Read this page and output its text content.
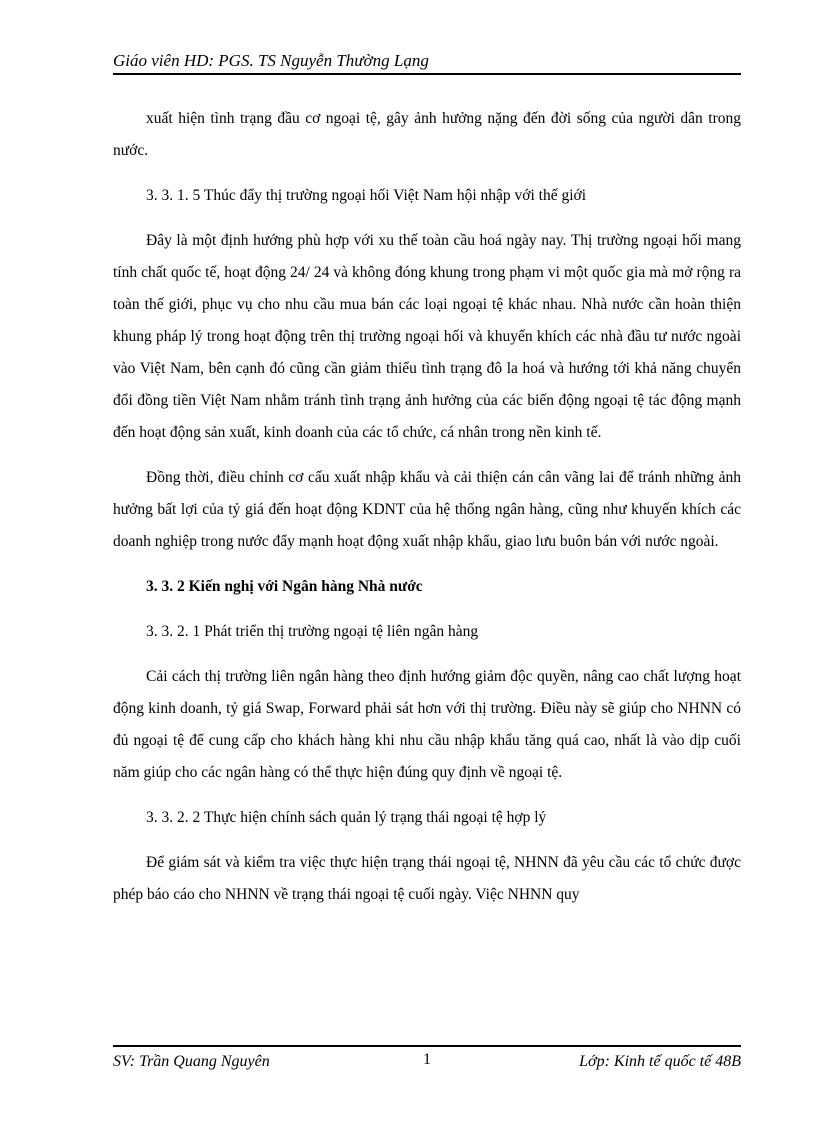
Giáo viên HD: PGS. TS Nguyễn Thường Lạng

xuất hiện tình trạng đầu cơ ngoại tệ, gây ảnh hưởng nặng đến đời sống của người dân trong nước.

3. 3. 1. 5 Thúc đẩy thị trường ngoại hối Việt Nam hội nhập với thế giới

Đây là một định hướng phù hợp với xu thế toàn cầu hoá ngày nay. Thị trường ngoại hối mang tính chất quốc tế, hoạt động 24/ 24 và không đóng khung trong phạm vi một quốc gia mà mở rộng ra toàn thế giới, phục vụ cho nhu cầu mua bán các loại ngoại tệ khác nhau. Nhà nước cần hoàn thiện khung pháp lý trong hoạt động trên thị trường ngoại hối và khuyến khích các nhà đầu tư nước ngoài vào Việt Nam, bên cạnh đó cũng cần giảm thiểu tình trạng đô la hoá và hướng tới khả năng chuyển đổi đồng tiền Việt Nam nhằm tránh tình trạng ảnh hưởng của các biến động ngoại tệ tác động mạnh đến hoạt động sản xuất, kinh doanh của các tổ chức, cá nhân trong nền kinh tế.

Đồng thời, điều chỉnh cơ cấu xuất nhập khẩu và cải thiện cán cân vãng lai để tránh những ảnh hưởng bất lợi của tỷ giá đến hoạt động KDNT của hệ thống ngân hàng, cũng như khuyến khích các doanh nghiệp trong nước đẩy mạnh hoạt động xuất nhập khẩu, giao lưu buôn bán với nước ngoài.

3. 3. 2 Kiến nghị với Ngân hàng Nhà nước

3. 3. 2. 1 Phát triển thị trường ngoại tệ liên ngân hàng

Cải cách thị trường liên ngân hàng theo định hướng giảm độc quyền, nâng cao chất lượng hoạt động kinh doanh, tỷ giá Swap, Forward phải sát hơn với thị trường. Điều này sẽ giúp cho NHNN có đủ ngoại tệ để cung cấp cho khách hàng khi nhu cầu nhập khẩu tăng quá cao, nhất là vào dịp cuối năm giúp cho các ngân hàng có thể thực hiện đúng quy định về ngoại tệ.

3. 3. 2. 2 Thực hiện chính sách quản lý trạng thái ngoại tệ hợp lý

Để giám sát và kiểm tra việc thực hiện trạng thái ngoại tệ, NHNN đã yêu cầu các tổ chức được phép báo cáo cho NHNN về trạng thái ngoại tệ cuối ngày. Việc NHNN quy

SV: Trần Quang Nguyên	1	Lớp: Kinh tế quốc tế 48B
